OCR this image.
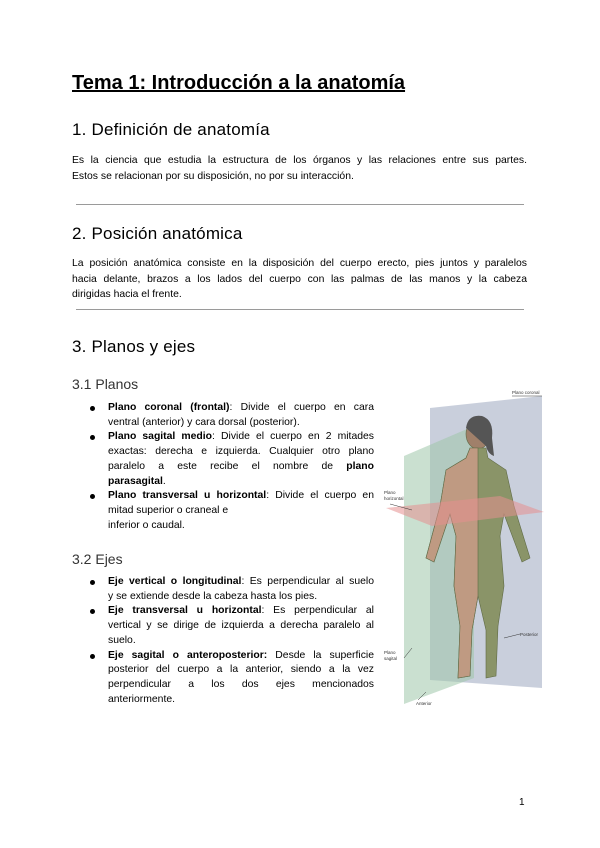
Tema 1: Introducción a la anatomía
1. Definición de anatomía

Es la ciencia que estudia la estructura de los órganos y las relaciones entre sus partes.
Estos se relacionan por su disposición, no por su interacción.

2. Posición anatómica

La posición anatómica consiste en la disposición del cuerpo erecto, pies juntos y paralelos
hacia delante, brazos a los lados del cuerpo con las palmas de las manos y la cabeza
dirigidas hacia el frente.

3. Planos y ejes
3.1 Planos
Plano coronal (frontal): Divide el cuerpo en cara
ventral (anterior) y cara dorsal (posterior).
Plano sagital medio: Divide el cuerpo en 2 mitades
exactas: derecha e izquierda. Cualquier otro plano
paralelo a este recibe el nombre de plano
parasagital.
Plano transversal u horizontal: Divide el cuerpo en
mitad superior o craneal e
inferior o caudal.
3.2 Ejes
Eje vertical o longitudinal: Es perpendicular al suelo
y se extiende desde la cabeza hasta los pies.
Eje transversal u horizontal: Es perpendicular al
vertical y se dirige de izquierda a derecha paralelo al
suelo.
Eje sagital o anteroposterior: Desde la superficie
posterior del cuerpo a la anterior, siendo a la vez
perpendicular a los dos ejes mencionados
anteriormente.
Plano coronal
Plano
horizontal
Plano
sagital
Posterior
Anterior
1
